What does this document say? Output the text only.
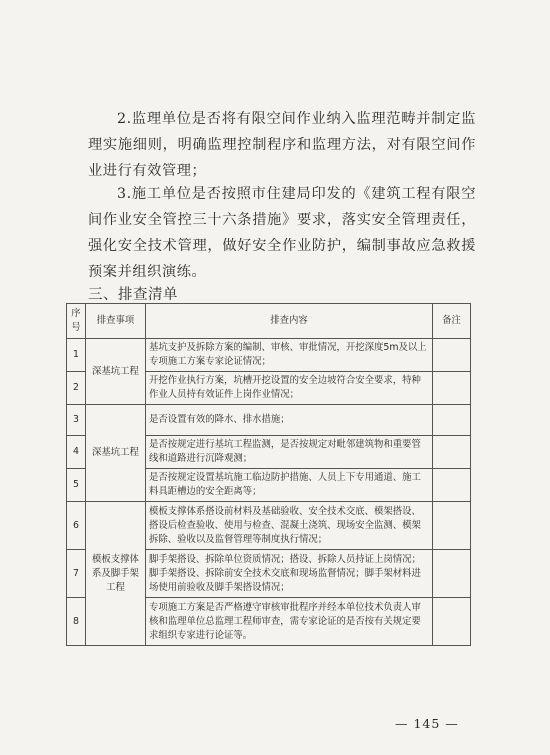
2.监理单位是否将有限空间作业纳入监理范畴并制定监理实施细则，明确监理控制程序和监理方法，对有限空间作业进行有效管理；

3.施工单位是否按照市住建局印发的《建筑工程有限空间作业安全管控三十六条措施》要求，落实安全管理责任，强化安全技术管理，做好安全作业防护，编制事故应急救援预案并组织演练。

三、排查清单
序号	排查事项	排查内容	备注
1	深基坑工程	基坑支护及拆除方案的编制、审核、审批情况，开挖深度5m及以上专项施工方案专家论证情况；	
2		开挖作业执行方案，坑槽开挖设置的安全边坡符合安全要求，特种作业人员持有效证件上岗作业情况；	
3	深基坑工程	是否设置有效的降水、排水措施；	
4		是否按规定进行基坑工程监测，是否按规定对毗邻建筑物和重要管线和道路进行沉降观测；	
5		是否按规定设置基坑施工临边防护措施、人员上下专用通道、施工料具距槽边的安全距离等；	
6	模板支撑体系及脚手架工程	模板支撑体系搭设前材料及基础验收、安全技术交底、模架搭设、搭设后检查验收、使用与检查、混凝土浇筑、现场安全监测、模架拆除、验收以及监督管理等制度执行情况；	
7		脚手架搭设、拆除单位资质情况；搭设、拆除人员持证上岗情况；脚手架搭设、拆除前安全技术交底和现场监督情况；脚手架材料进场使用前验收及脚手架搭设情况；	
8		专项施工方案是否严格遵守审核审批程序并经本单位技术负责人审核和监理单位总监理工程师审查，需专家论证的是否按有关规定要求组织专家进行论证等。	
— 145 —
